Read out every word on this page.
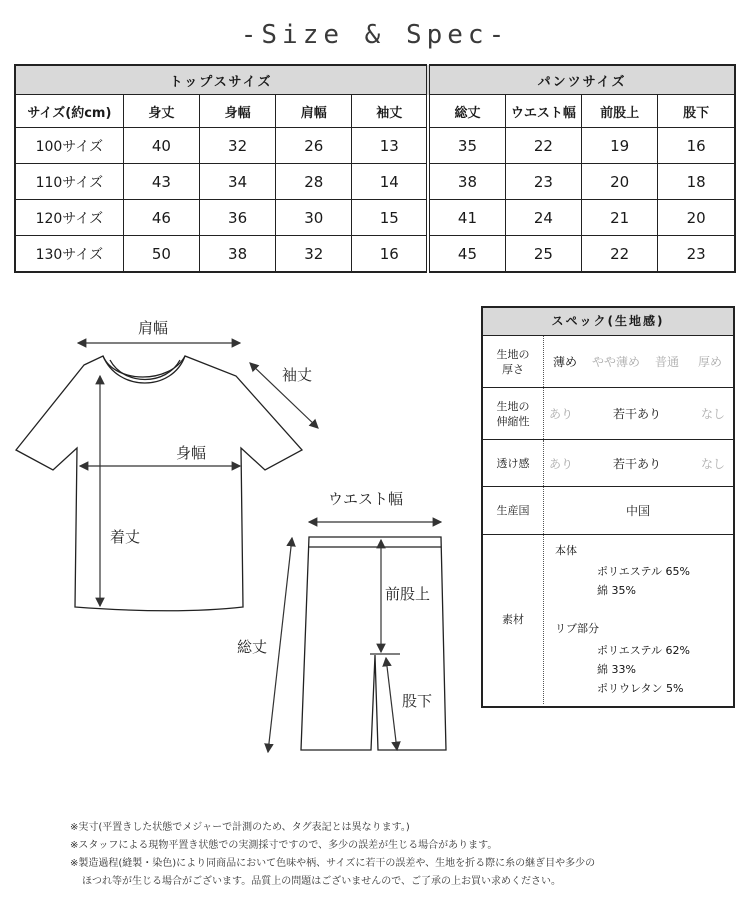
-Size & Spec-
トップスサイズ					パンツサイズ			
サイズ(約cm)	身丈	身幅	肩幅	袖丈	総丈	ウエスト幅	前股上	股下
100サイズ	40	32	26	13	35	22	19	16
110サイズ	43	34	28	14	38	23	20	18
120サイズ	46	36	30	15	41	24	21	20
130サイズ	50	38	32	16	45	25	22	23
肩幅
袖丈
身幅
着丈
ウエスト幅
前股上
総丈
股下
スペック(生地感)
生地の
厚さ	薄め	やや薄め	普通	厚め
生地の
伸縮性	あり	若干あり	なし
透け感	あり	若干あり	なし
生産国	中国
素材
本体
ポリエステル 65%
綿 35%
リブ部分
ポリエステル 62%
綿 33%
ポリウレタン 5%
※実寸(平置きした状態でメジャーで計測のため、タグ表記とは異なります。)
※スタッフによる現物平置き状態での実測採寸ですので、多少の誤差が生じる場合があります。
※製造過程(縫製・染色)により同商品において色味や柄、サイズに若干の誤差や、生地を折る際に糸の継ぎ目や多少の
ほつれ等が生じる場合がございます。品質上の問題はございませんので、ご了承の上お買い求めください。
